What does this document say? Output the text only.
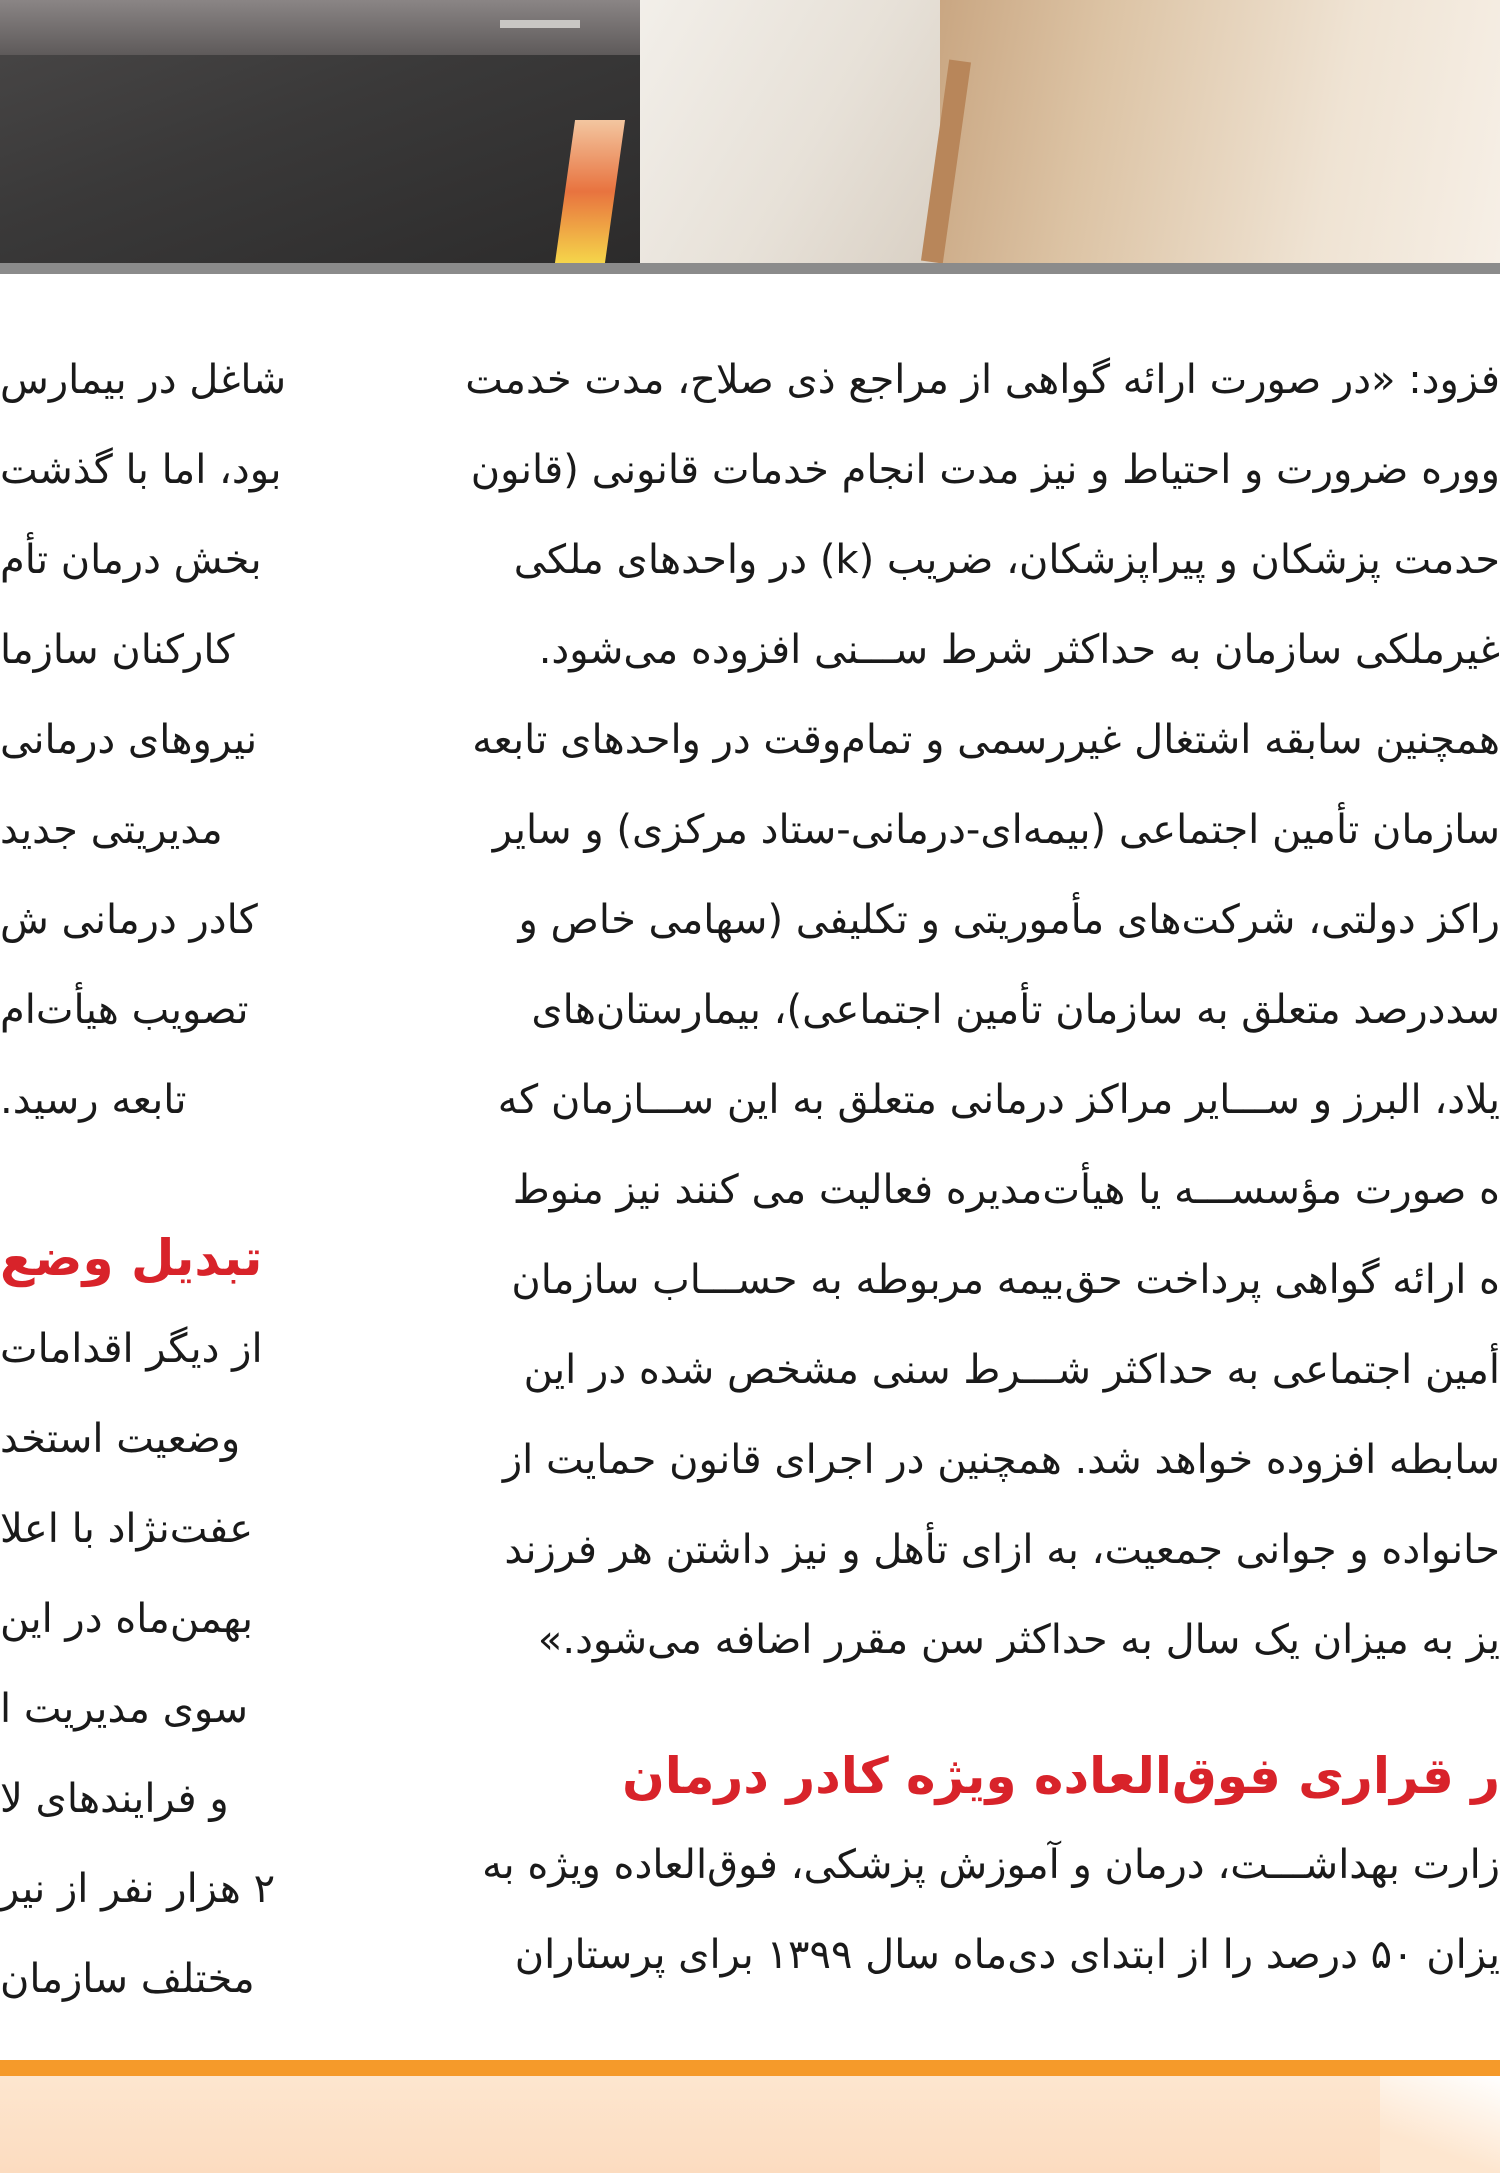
فزود: «در صورت ارائه گواهی از مراجع ذی صلاح، مدت خدمت
ووره ضرورت و احتیاط و نیز مدت انجام خدمات قانونی (قانون
حدمت پزشکان و پیراپزشکان، ضریب (k) در واحدهای ملکی
غیرملکی سازمان به حداکثر شرط ســـنی افزوده می‌شود.
همچنین سابقه اشتغال غیررسمی و تمام‌وقت در واحدهای تابعه
سازمان تأمین اجتماعی (بیمه‌ای-درمانی-ستاد مرکزی) و سایر
راکز دولتی، شرکت‌های مأموریتی و تکلیفی (سهامی خاص و
سددرصد متعلق به سازمان تأمین اجتماعی)، بیمارستان‌های
یلاد، البرز و ســـایر مراکز درمانی متعلق به این ســـازمان که
ه صورت مؤسســـه یا هیأت‌مدیره فعالیت می کنند نیز منوط
ه ارائه گواهی پرداخت حق‌بیمه مربوطه به حســـاب سازمان
أمین اجتماعی به حداکثر شـــرط سنی مشخص شده در این
سابطه افزوده خواهد شد. همچنین در اجرای قانون حمایت از
حانواده و جوانی جمعیت، به ازای تأهل و نیز داشتن هر فرزند
یز به میزان یک سال به حداکثر سن مقرر اضافه می‌شود.»
ر قراری فوق‌العاده ویژه کادر درمان
زارت بهداشـــت، درمان و آموزش پزشکی، فوق‌العاده ویژه به
یزان ۵۰ درصد را از ابتدای دی‌ماه سال ۱۳۹۹ برای پرستاران
شاغل در بیمارس
بود، اما با گذشت
بخش درمان تأم
کارکنان سازما
نیروهای درمانی
مدیریتی جدید
کادر درمانی ش
تصویب هیأت‌ام
تابعه رسید.
تبدیل وضع
از دیگر اقدامات
وضعیت استخد
عفت‌نژاد با اعلا
بهمن‌ماه در این
سوی مدیریت ا
و فرایندهای لا
۲ هزار نفر از نیر
مختلف سازمان
